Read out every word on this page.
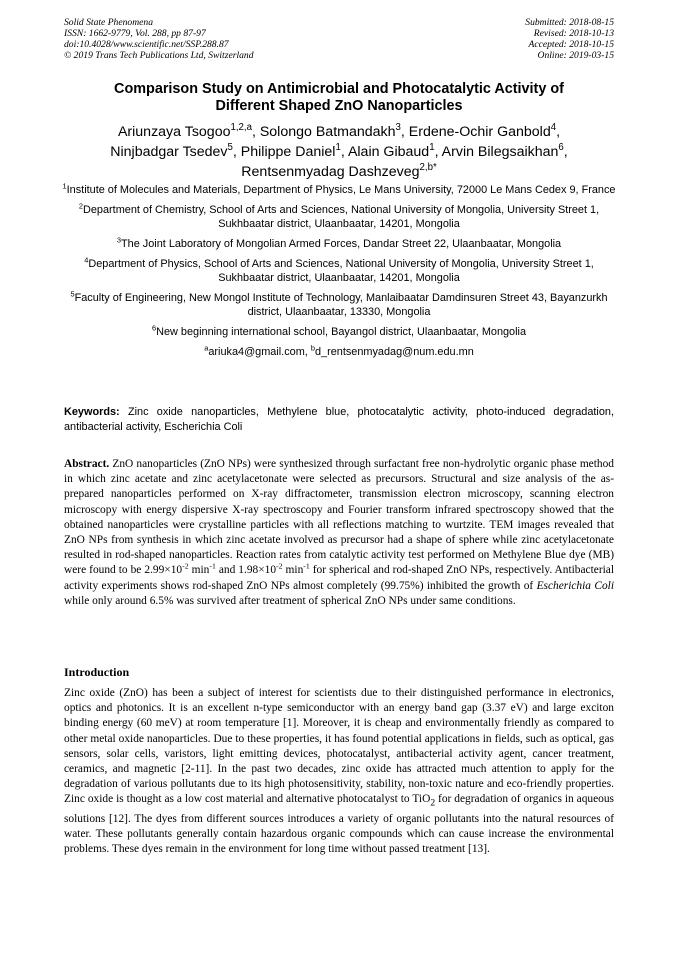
Solid State Phenomena
ISSN: 1662-9779, Vol. 288, pp 87-97
doi:10.4028/www.scientific.net/SSP.288.87
© 2019 Trans Tech Publications Ltd, Switzerland
Submitted: 2018-08-15
Revised: 2018-10-13
Accepted: 2018-10-15
Online: 2019-03-15
Comparison Study on Antimicrobial and Photocatalytic Activity of
Different Shaped ZnO Nanoparticles
Ariunzaya Tsogoo$^{1,2,a}$, Solongo Batmandakh$^3$, Erdene-Ochir Ganbold$^4$,
Ninjbadgar Tsedev$^5$, Philippe Daniel$^1$, Alain Gibaud$^1$, Arvin Bilegsaikhan$^6$,
Rentsenmyadag Dashzeveg$^{2,b*}$
$^1$Institute of Molecules and Materials, Department of Physics, Le Mans University, 72000 Le Mans Cedex 9, France
$^2$Department of Chemistry, School of Arts and Sciences, National University of Mongolia, University Street 1, Sukhbaatar district, Ulaanbaatar, 14201, Mongolia
$^3$The Joint Laboratory of Mongolian Armed Forces, Dandar Street 22, Ulaanbaatar, Mongolia
$^4$Department of Physics, School of Arts and Sciences, National University of Mongolia, University Street 1, Sukhbaatar district, Ulaanbaatar, 14201, Mongolia
$^5$Faculty of Engineering, New Mongol Institute of Technology, Manlaibaatar Damdinsuren Street 43, Bayanzurkh district, Ulaanbaatar, 13330, Mongolia
$^6$New beginning international school, Bayangol district, Ulaanbaatar, Mongolia
$^a$ariuka4@gmail.com, $^b$d_rentsenmyadag@num.edu.mn
Keywords: Zinc oxide nanoparticles, Methylene blue, photocatalytic activity, photo-induced degradation, antibacterial activity, Escherichia Coli
Abstract. ZnO nanoparticles (ZnO NPs) were synthesized through surfactant free non-hydrolytic organic phase method in which zinc acetate and zinc acetylacetonate were selected as precursors. Structural and size analysis of the as-prepared nanoparticles performed on X-ray diffractometer, transmission electron microscopy, scanning electron microscopy with energy dispersive X-ray spectroscopy and Fourier transform infrared spectroscopy showed that the obtained nanoparticles were crystalline particles with all reflections matching to wurtzite. TEM images revealed that ZnO NPs from synthesis in which zinc acetate involved as precursor had a shape of sphere while zinc acetylacetonate resulted in rod-shaped nanoparticles. Reaction rates from catalytic activity test performed on Methylene Blue dye (MB) were found to be $2.99\times 10^{-2}$ $\min^{-1}$ and $1.98\times 10^{-2}$ $\min^{-1}$ for spherical and rod-shaped ZnO NPs, respectively. Antibacterial activity experiments shows rod-shaped ZnO NPs almost completely (99.75%) inhibited the growth of Escherichia Coli while only around 6.5% was survived after treatment of spherical ZnO NPs under same conditions.
Introduction
Zinc oxide (ZnO) has been a subject of interest for scientists due to their distinguished performance in electronics, optics and photonics. It is an excellent n-type semiconductor with an energy band gap (3.37 eV) and large exciton binding energy (60 meV) at room temperature [1]. Moreover, it is cheap and environmentally friendly as compared to other metal oxide nanoparticles. Due to these properties, it has found potential applications in fields, such as optical, gas sensors, solar cells, varistors, light emitting devices, photocatalyst, antibacterial activity agent, cancer treatment, ceramics, and magnetic [2-11]. In the past two decades, zinc oxide has attracted much attention to apply for the degradation of various pollutants due to its high photosensitivity, stability, non-toxic nature and eco-friendly properties. Zinc oxide is thought as a low cost material and alternative photocatalyst to TiO$_2$ for degradation of organics in aqueous solutions [12]. The dyes from different sources introduces a variety of organic pollutants into the natural resources of water. These pollutants generally contain hazardous organic compounds which can cause increase the environmental problems. These dyes remain in the environment for long time without passed treatment [13].
